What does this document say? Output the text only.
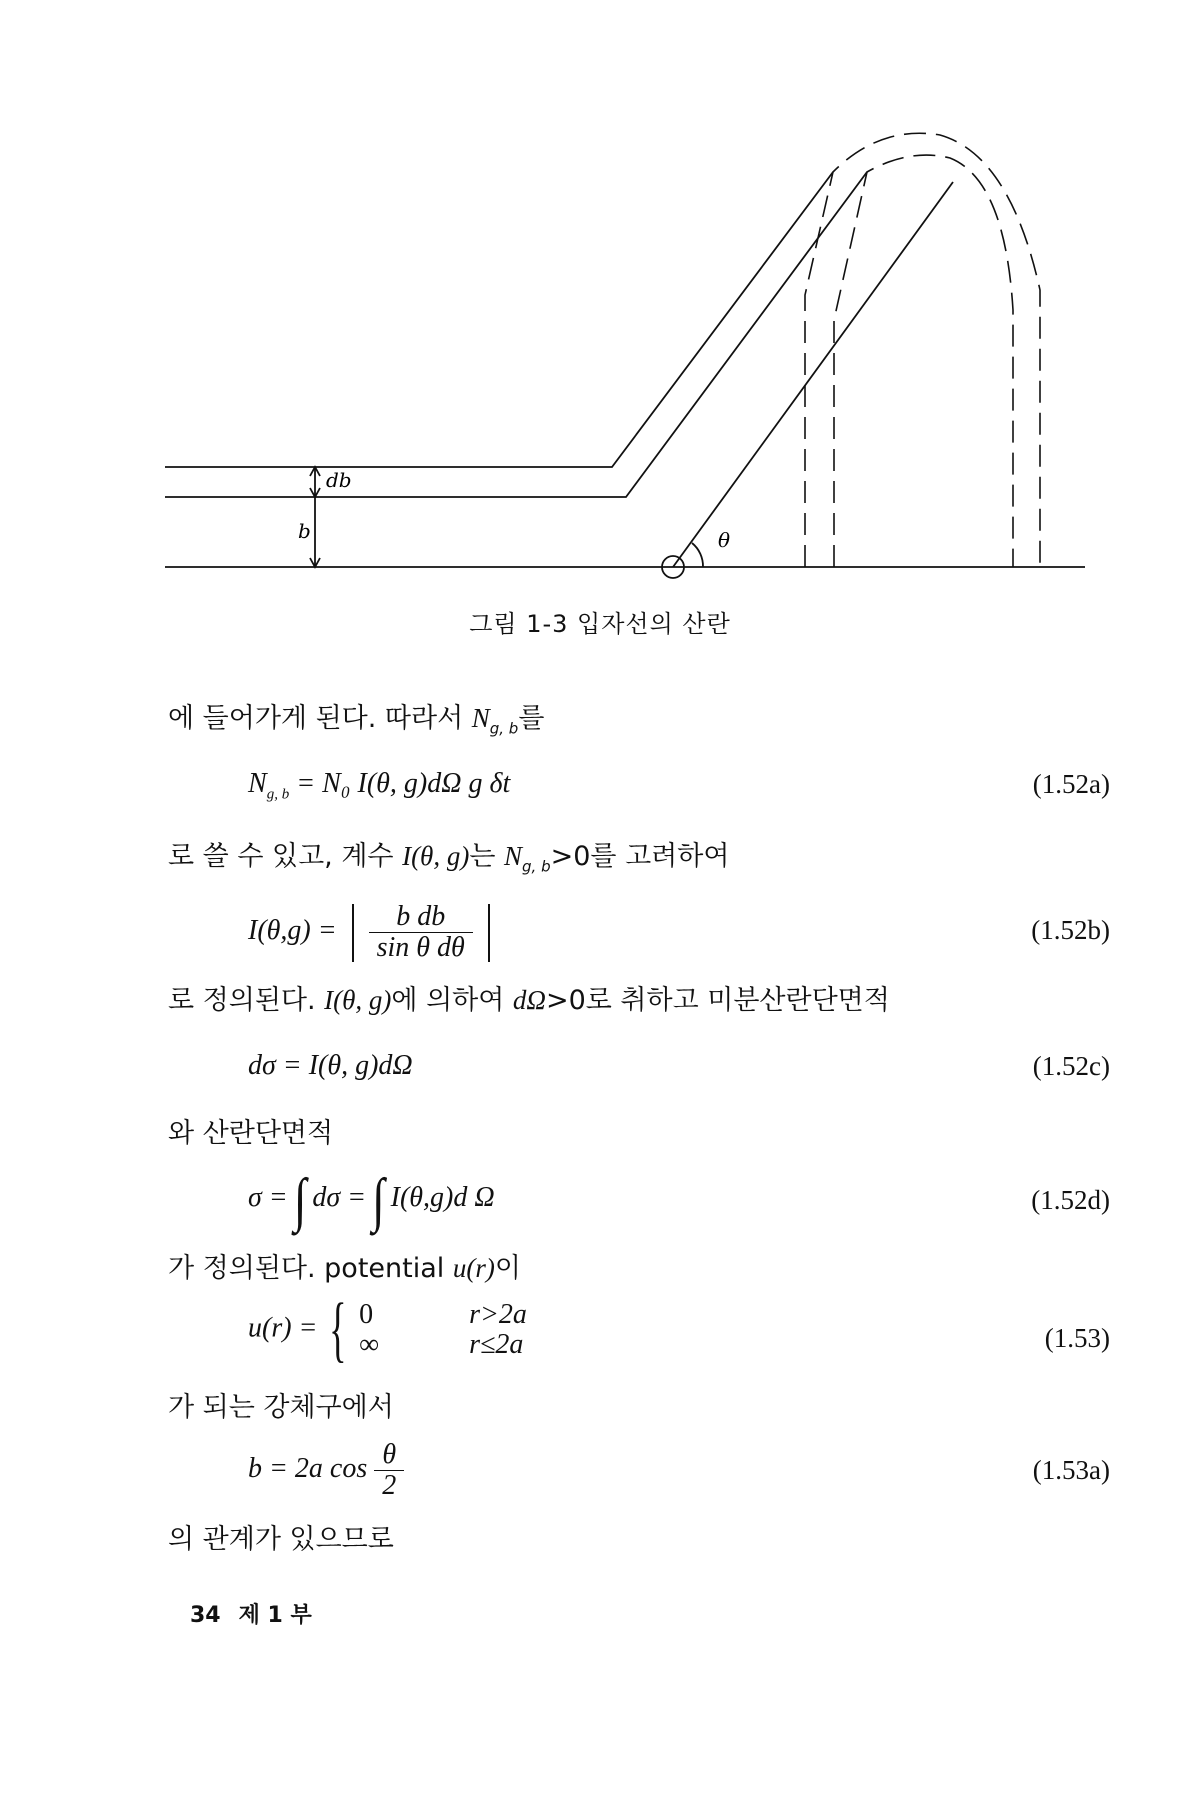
db
b	θ
그림 1-3 입자선의 산란
에 들어가게 된다. 따라서 $N_{g, b}$를
$N_{g, b} = N_0$ I(θ, g)dΩ g δt	(1.52a)
로 쓸 수 있고, 계수 I(θ, g)는 $N_{g, b}>0$를 고려하여
$I(\theta,g) = \frac{\text{b db}}{\text{sin θ dθ}}$
	(1.52b)
로 정의된다. I(θ, g)에 의하여 dΩ>0로 취하고 미분산란단면적
dσ = I(θ, g)dΩ	(1.52c)
와 산란단면적
σ = ∫ dσ = ∫ I(θ,g)d Ω	(1.52d)
가 정의된다. potential u(r)이
u(r) = { 0	r>2a
∞	r≤2a	(1.53)
가 되는 강체구에서
b = 2a $\cos \frac{\theta}{2}$	(1.53a)
의 관계가 있으므로
34 제 1 부
